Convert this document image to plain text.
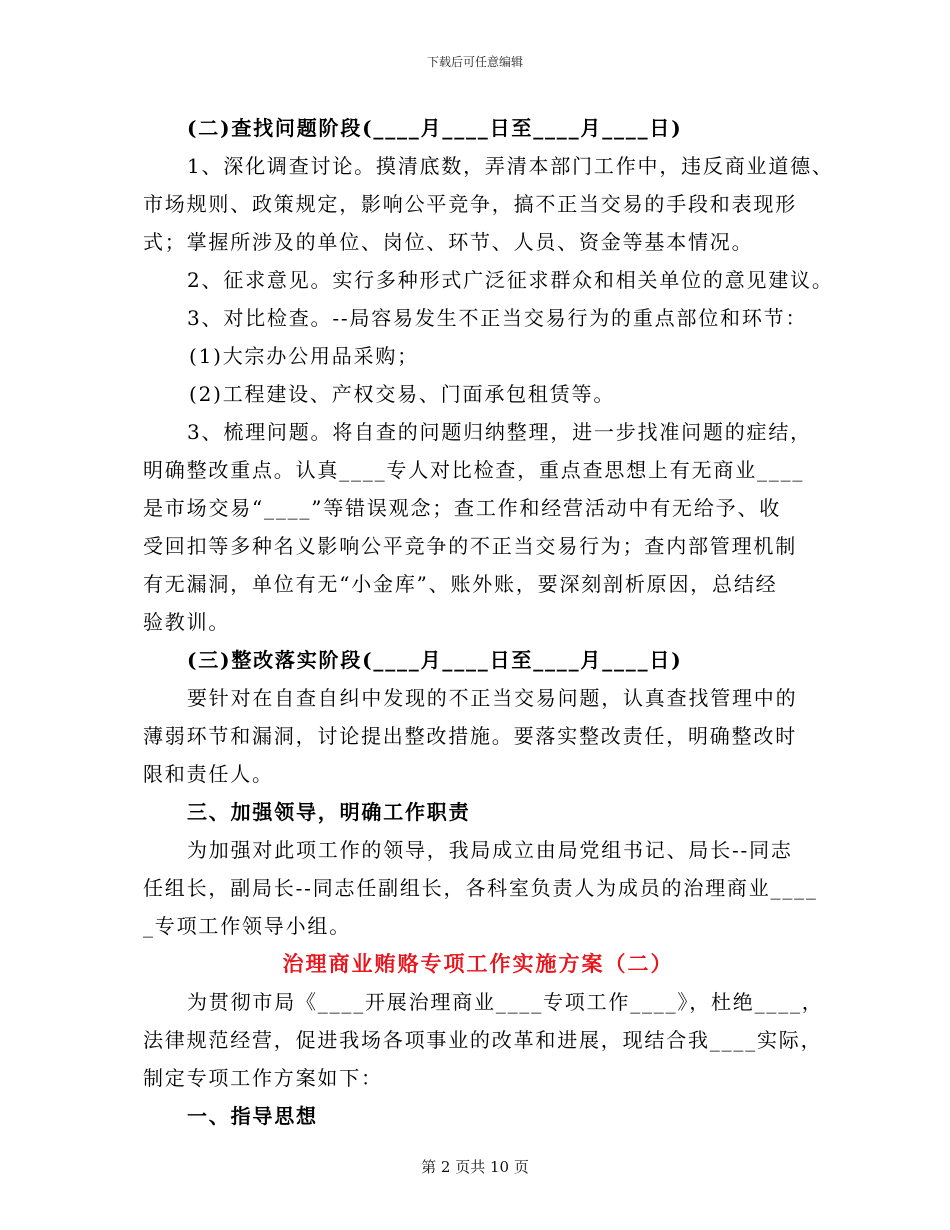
下载后可任意编辑
(二)查找问题阶段(____月____日至____月____日)
1、深化调查讨论。摸清底数，弄清本部门工作中，违反商业道德、
市场规则、政策规定，影响公平竞争，搞不正当交易的手段和表现形
式；掌握所涉及的单位、岗位、环节、人员、资金等基本情况。
2、征求意见。实行多种形式广泛征求群众和相关单位的意见建议。
3、对比检查。--局容易发生不正当交易行为的重点部位和环节：
(1)大宗办公用品采购；
(2)工程建设、产权交易、门面承包租赁等。
3、梳理问题。将自查的问题归纳整理，进一步找准问题的症结，
明确整改重点。认真____专人对比检查，重点查思想上有无商业____
是市场交易“____”等错误观念；查工作和经营活动中有无给予、收
受回扣等多种名义影响公平竞争的不正当交易行为；查内部管理机制
有无漏洞，单位有无“小金库”、账外账，要深刻剖析原因，总结经
验教训。
(三)整改落实阶段(____月____日至____月____日)
要针对在自查自纠中发现的不正当交易问题，认真查找管理中的
薄弱环节和漏洞，讨论提出整改措施。要落实整改责任，明确整改时
限和责任人。
三、加强领导，明确工作职责
为加强对此项工作的领导，我局成立由局党组书记、局长--同志
任组长，副局长--同志任副组长，各科室负责人为成员的治理商业____
_专项工作领导小组。
治理商业贿赂专项工作实施方案（二）
为贯彻市局《____开展治理商业____专项工作____》，杜绝____，
法律规范经营，促进我场各项事业的改革和进展，现结合我____实际，
制定专项工作方案如下：
一、指导思想
第 2 页共 10 页
